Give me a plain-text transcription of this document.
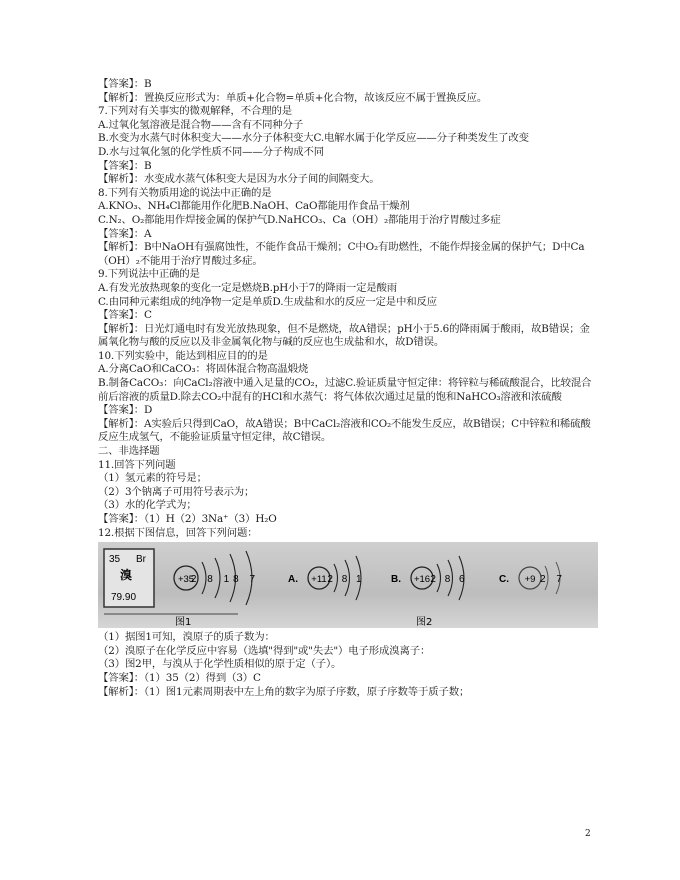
【答案】：B
【解析】：置换反应形式为：单质+化合物=单质+化合物，故该反应不属于置换反应。
7.下列对有关事实的微观解释，不合理的是
A.过氧化氢溶液是混合物——含有不同种分子
B.水变为水蒸气时体积变大——水分子体积变大C.电解水属于化学反应——分子种类发生了改变
D.水与过氧化氢的化学性质不同——分子构成不同
【答案】：B
【解析】：水变成水蒸气体积变大是因为水分子间的间隔变大。
8.下列有关物质用途的说法中正确的是
A.KNO₃、NH₄Cl都能用作化肥B.NaOH、CaO都能用作食品干燥剂
C.N₂、O₂都能用作焊接金属的保护气D.NaHCO₃、Ca（OH）₂都能用于治疗胃酸过多症
【答案】：A
【解析】：B中NaOH有强腐蚀性，不能作食品干燥剂；C中O₂有助燃性，不能作焊接金属的保护气；D中Ca（OH）₂不能用于治疗胃酸过多症。
9.下列说法中正确的是
A.有发光放热现象的变化一定是燃烧B.pH小于7的降雨一定是酸雨
C.由同种元素组成的纯净物一定是单质D.生成盐和水的反应一定是中和反应
【答案】：C
【解析】：日光灯通电时有发光放热现象，但不是燃烧，故A错误；pH小于5.6的降雨属于酸雨，故B错误；金属氧化物与酸的反应以及非金属氧化物与碱的反应也生成盐和水，故D错误。
10.下列实验中，能达到相应目的的是
A.分离CaO和CaCO₃：将固体混合物高温煅烧
B.制备CaCO₃：向CaCl₂溶液中通入足量的CO₂，过滤C.验证质量守恒定律：将锌粒与稀硫酸混合，比较混合前后溶液的质量D.除去CO₂中混有的HCl和水蒸气：将气体依次通过足量的饱和NaHCO₃溶液和浓硫酸
【答案】：D
【解析】：A实验后只得到CaO，故A错误；B中CaCl₂溶液和CO₂不能发生反应，故B错误；C中锌粒和稀硫酸反应生成氢气，不能验证质量守恒定律，故C错误。
二、非选择题
11.回答下列问题
（1）氢元素的符号是；
（2）3个钠离子可用符号表示为；
（3）水的化学式为；
【答案】：（1）H（2）3Na⁺（3）H₂O
12.根据下图信息，回答下列问题：
35 Br
溴
79.90
+35
2 8 18 7	A. +11 2 8 1	B. +16 2 8 6	C. +9 2 7
图1	图2
（1）据图1可知，溴原子的质子数为：
（2）溴原子在化学反应中容易（选填"得到"或"失去"）电子形成溴离子：
（3）图2甲，与溴从于化学性质相似的原于定（子）。
【答案】：（1）35（2）得到（3）C
【解析】：（1）图1元素周期表中左上角的数字为原子序数，原子序数等于质子数；
2
